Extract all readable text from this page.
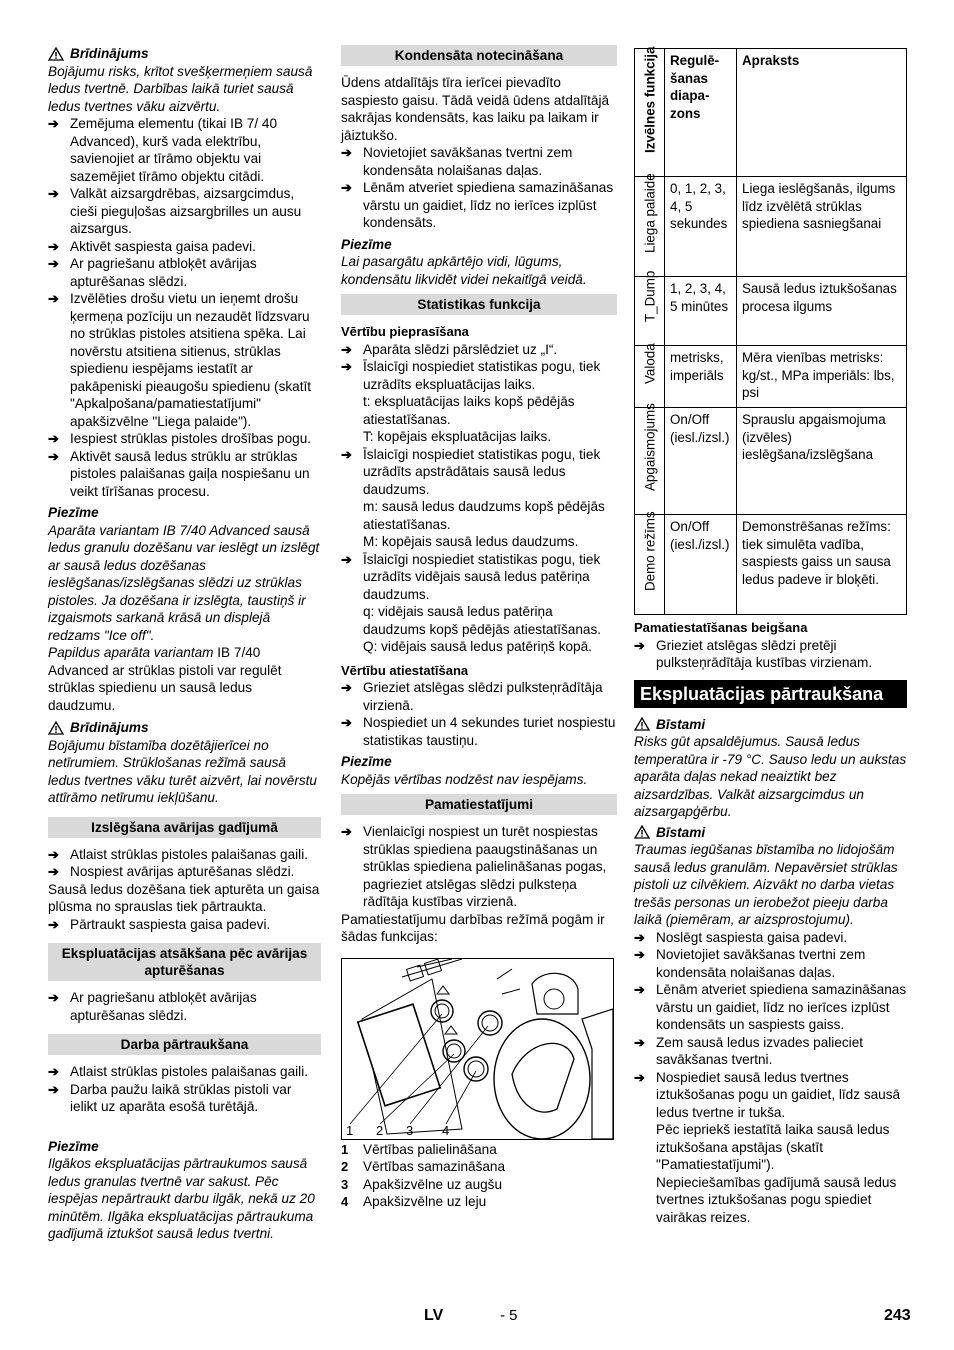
Brīdinājums

Bojājumu risks, krītot svešķermeņiem sausā ledus tvertnē. Darbības laikā turiet sausā ledus tvertnes vāku aizvērtu.

➔ Zemējuma elementu (tikai IB 7/ 40 Advanced), kurš vada elektrību, savienojiet ar tīrāmo objektu vai sazemējiet tīrāmo objektu citādi.
➔ Valkāt aizsargdrēbas, aizsargcimdus, cieši pieguļošas aizsargbrilles un ausu aizsargus.
➔ Aktivēt saspiesta gaisa padevi.
➔ Ar pagriešanu atbloķēt avārijas apturēšanas slēdzi.
➔ Izvēlēties drošu vietu un ieņemt drošu ķermeņa pozīciju un nezaudēt līdzsvaru no strūklas pistoles atsitiena spēka. Lai novērstu atsitiena sitienus, strūklas spiedienu iespējams iestatīt ar pakāpeniski pieaugošu spiedienu (skatīt "Apkalpošana/pamatiestatījumi" apakšizvēlne "Liega palaide").
➔ Iespiest strūklas pistoles drošības pogu.
➔ Aktivēt sausā ledus strūklu ar strūklas pistoles palaišanas gaiļa nospiešanu un veikt tīrīšanas procesu.

Piezīme

Aparāta variantam IB 7/40 Advanced sausā ledus granulu dozēšanu var ieslēgt un izslēgt ar sausā ledus dozēšanas ieslēgšanas/izslēgšanas slēdzi uz strūklas pistoles. Ja dozēšana ir izslēgta, taustiņš ir izgaismots sarkanā krāsā un displejā redzams "Ice off".

Papildus aparāta variantam IB 7/40 Advanced ar strūklas pistoli var regulēt strūklas spiedienu un sausā ledus daudzumu.

Brīdinājums

Bojājumu bīstamība dozētājierīcei no netīrumiem. Strūklošanas režīmā sausā ledus tvertnes vāku turēt aizvērt, lai novērstu attīrāmo netīrumu iekļūšanu.

Izslēgšana avārijas gadījumā
➔ Atlaist strūklas pistoles palaišanas gaili.
➔ Nospiest avārijas apturēšanas slēdzi.

Sausā ledus dozēšana tiek apturēta un gaisa plūsma no sprauslas tiek pārtraukta.

➔ Pārtraukt saspiesta gaisa padevi.
Ekspluatācijas atsākšana pēc avārijas apturēšanas
➔ Ar pagriešanu atbloķēt avārijas apturēšanas slēdzi.
Darba pārtraukšana
➔ Atlaist strūklas pistoles palaišanas gaili.
➔ Darba paužu laikā strūklas pistoli var ielikt uz aparāta esošā turētājā.

Piezīme

Ilgākos ekspluatācijas pārtraukumos sausā ledus granulas tvertnē var sakust. Pēc iespējas nepārtraukt darbu ilgāk, nekā uz 20 minūtēm. Ilgāka ekspluatācijas pārtraukuma gadījumā iztukšot sausā ledus tvertni.

Kondensāta notecināšana

Ūdens atdalītājs tīra ierīcei pievadīto saspiesto gaisu. Tādā veidā ūdens atdalītājā sakrājas kondensāts, kas laiku pa laikam ir jāiztukšo.

➔ Novietojiet savākšanas tvertni zem kondensāta nolaišanas daļas.
➔ Lēnām atveriet spiediena samazināšanas vārstu un gaidiet, līdz no ierīces izplūst kondensāts.

Piezīme

Lai pasargātu apkārtējo vidi, lūgums, kondensātu likvidēt videi nekaitīgā veidā.

Statistikas funkcija

Vērtību pieprasīšana

➔ Aparāta slēdzi pārslēdziet uz „I“.
➔ Īslaicīgi nospiediet statistikas pogu, tiek uzrādīts ekspluatācijas laiks.

t: ekspluatācijas laiks kopš pēdējās atiestatīšanas.

T: kopējais ekspluatācijas laiks.

➔ Īslaicīgi nospiediet statistikas pogu, tiek uzrādīts apstrādātais sausā ledus daudzums.

m: sausā ledus daudzums kopš pēdējās atiestatīšanas.

M: kopējais sausā ledus daudzums.

➔ Īslaicīgi nospiediet statistikas pogu, tiek uzrādīts vidējais sausā ledus patēriņa daudzums.

q: vidējais sausā ledus patēriņa daudzums kopš pēdējās atiestatīšanas.

Q: vidējais sausā ledus patēriņš kopā.

Vērtību atiestatīšana

➔ Grieziet atslēgas slēdzi pulksteņrādītāja virzienā.
➔ Nospiediet un 4 sekundes turiet nospiestu statistikas taustiņu.

Piezīme

Kopējās vērtības nodzēst nav iespējams.

Pamatiestatījumi
➔ Vienlaicīgi nospiest un turēt nospiestas strūklas spiediena paaugstināšanas un strūklas spiediena palielināšanas pogas, pagrieziet atslēgas slēdzi pulksteņa rādītāja kustības virzienā.

Pamatiestatījumu darbības režīmā pogām ir šādas funkcijas:

1 2 3 4
1	Vērtības palielināšana
2	Vērtības samazināšana
3	Apakšizvēlne uz augšu
4	Apakšizvēlne uz leju
Izvēlnes funkcija	Regulē-šanas diapa-zons	Apraksts

Liega palaide	0, 1, 2, 3, 4, 5 sekundes	Liega ieslēgšanās, ilgums līdz izvēlētā strūklas spiediena sasniegšanai

T_Dump	1, 2, 3, 4, 5 minūtes	Sausā ledus iztukšošanas procesa ilgums

Valoda	metrisks, imperiāls	Mēra vienības metrisks: kg/st., MPa imperiāls: lbs, psi

Apgaismojums	On/Off (iesl./izsl.)	Sprauslu apgaismojuma (izvēles) ieslēgšana/izslēgšana

Demo režīms	On/Off (iesl./izsl.)	Demonstrēšanas režīms: tiek simulēta vadība, saspiests gaiss un sausa ledus padeve ir bloķēti.

Pamatiestatīšanas beigšana

➔ Grieziet atslēgas slēdzi pretēji pulksteņrādītāja kustības virzienam.
Ekspluatācijas pārtraukšana
Bīstami

Risks gūt apsaldējumus. Sausā ledus temperatūra ir -79 °C. Sauso ledu un aukstas aparāta daļas nekad neaiztikt bez aizsardzības. Valkāt aizsargcimdus un aizsargapģērbu.

Bīstami

Traumas iegūšanas bīstamība no lidojošām sausā ledus granulām. Nepavērsiet strūklas pistoli uz cilvēkiem. Aizvākt no darba vietas trešās personas un ierobežot pieeju darba laikā (piemēram, ar aizsprostojumu).

➔ Noslēgt saspiesta gaisa padevi.
➔ Novietojiet savākšanas tvertni zem kondensāta nolaišanas daļas.
➔ Lēnām atveriet spiediena samazināšanas vārstu un gaidiet, līdz no ierīces izplūst kondensāts un saspiests gaiss.
➔ Zem sausā ledus izvades palieciet savākšanas tvertni.
➔ Nospiediet sausā ledus tvertnes iztukšošanas pogu un gaidiet, līdz sausā ledus tvertne ir tukša.

Pēc iepriekš iestatītā laika sausā ledus iztukšošana apstājas (skatīt "Pamatiestatījumi").

Nepieciešamības gadījumā sausā ledus tvertnes iztukšošanas pogu spiediet vairākas reizes.

LV	- 5	243
